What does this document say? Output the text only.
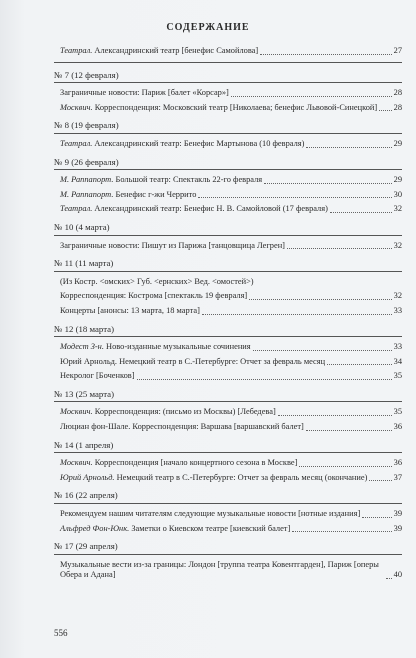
СОДЕРЖАНИЕ
Театрал. Александринский театр [бенефис Самойлова]	27
№ 7 (12 февраля)
Заграничные новости: Париж [балет «Корсар»]	28
Москвич. Корреспонденция: Московский театр [Николаева; бенефис Львовой-Синецкой] 28
№ 8 (19 февраля)
Театрал. Александринский театр: Бенефис Мартынова (10 февраля)	29
№ 9 (26 февраля)
М. Раппапорт. Большой театр: Спектакль 22-го февраля	29
М. Раппапорт. Бенефис г-жи Черрито	30
Театрал. Александринский театр: Бенефис Н. В. Самойловой (17 февраля)	32
№ 10 (4 марта)
Заграничные новости: Пишут из Парижа [танцовщица Легрен]	32
№ 11 (11 марта)
(Из Костр. <омских> Губ. <ернских> Вед. <омостей>)
Корреспонденция: Кострома [спектакль 19 февраля]	32
Концерты [анонсы: 13 марта, 18 марта]	33
№ 12 (18 марта)
Модест З-н. Ново-изданные музыкальные сочинения	33
Юрий Арнольд. Немецкий театр в С.-Петербурге: Отчет за февраль месяц	34
Некролог [Боченков]	35
№ 13 (25 марта)
Москвич. Корреспонденция: (письмо из Москвы) [Лебедева]	35
Люциан фон-Шале. Корреспонденция: Варшава [варшавский балет]	36
№ 14 (1 апреля)
Москвич. Корреспонденция [начало концертного сезона в Москве]	36
Юрий Арнольд. Немецкий театр в С.-Петербурге: Отчет за февраль месяц (окончание)	37
№ 16 (22 апреля)
Рекомендуем нашим читателям следующие музыкальные новости [нотные издания]	39
Альфред Фон-Юнк. Заметки о Киевском театре [киевский балет]	39
№ 17 (29 апреля)
Музыкальные вести из-за границы: Лондон [труппа театра Ковентгарден], Париж [оперы Обера и Адана]	40
556
